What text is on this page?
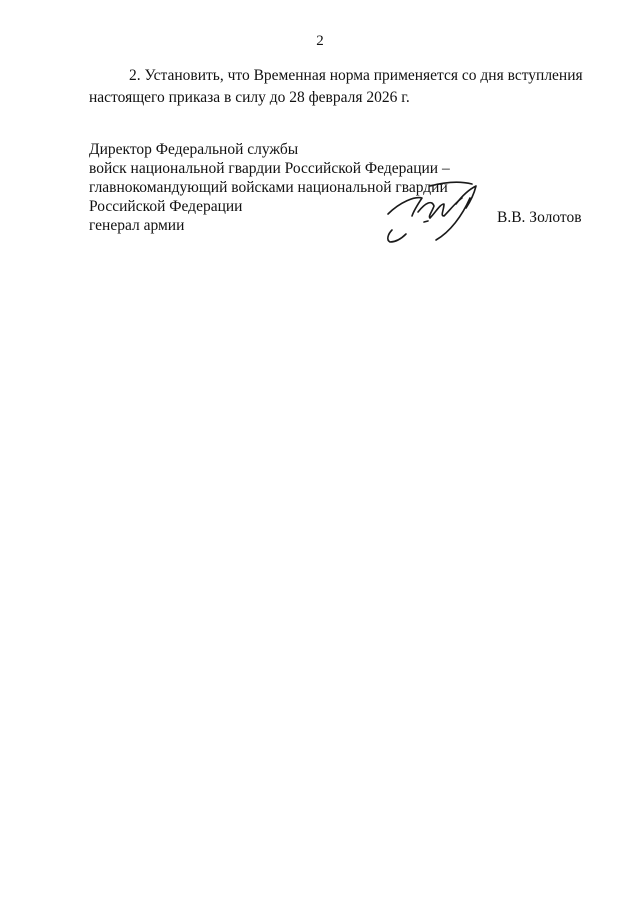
2

2. Установить, что Временная норма применяется со дня вступления
настоящего приказа в силу до 28 февраля 2026 г.

Директор Федеральной службы
войск национальной гвардии Российской Федерации –
главнокомандующий войсками национальной гвардии
Российской Федерации
генерал армии	В.В. Золотов
